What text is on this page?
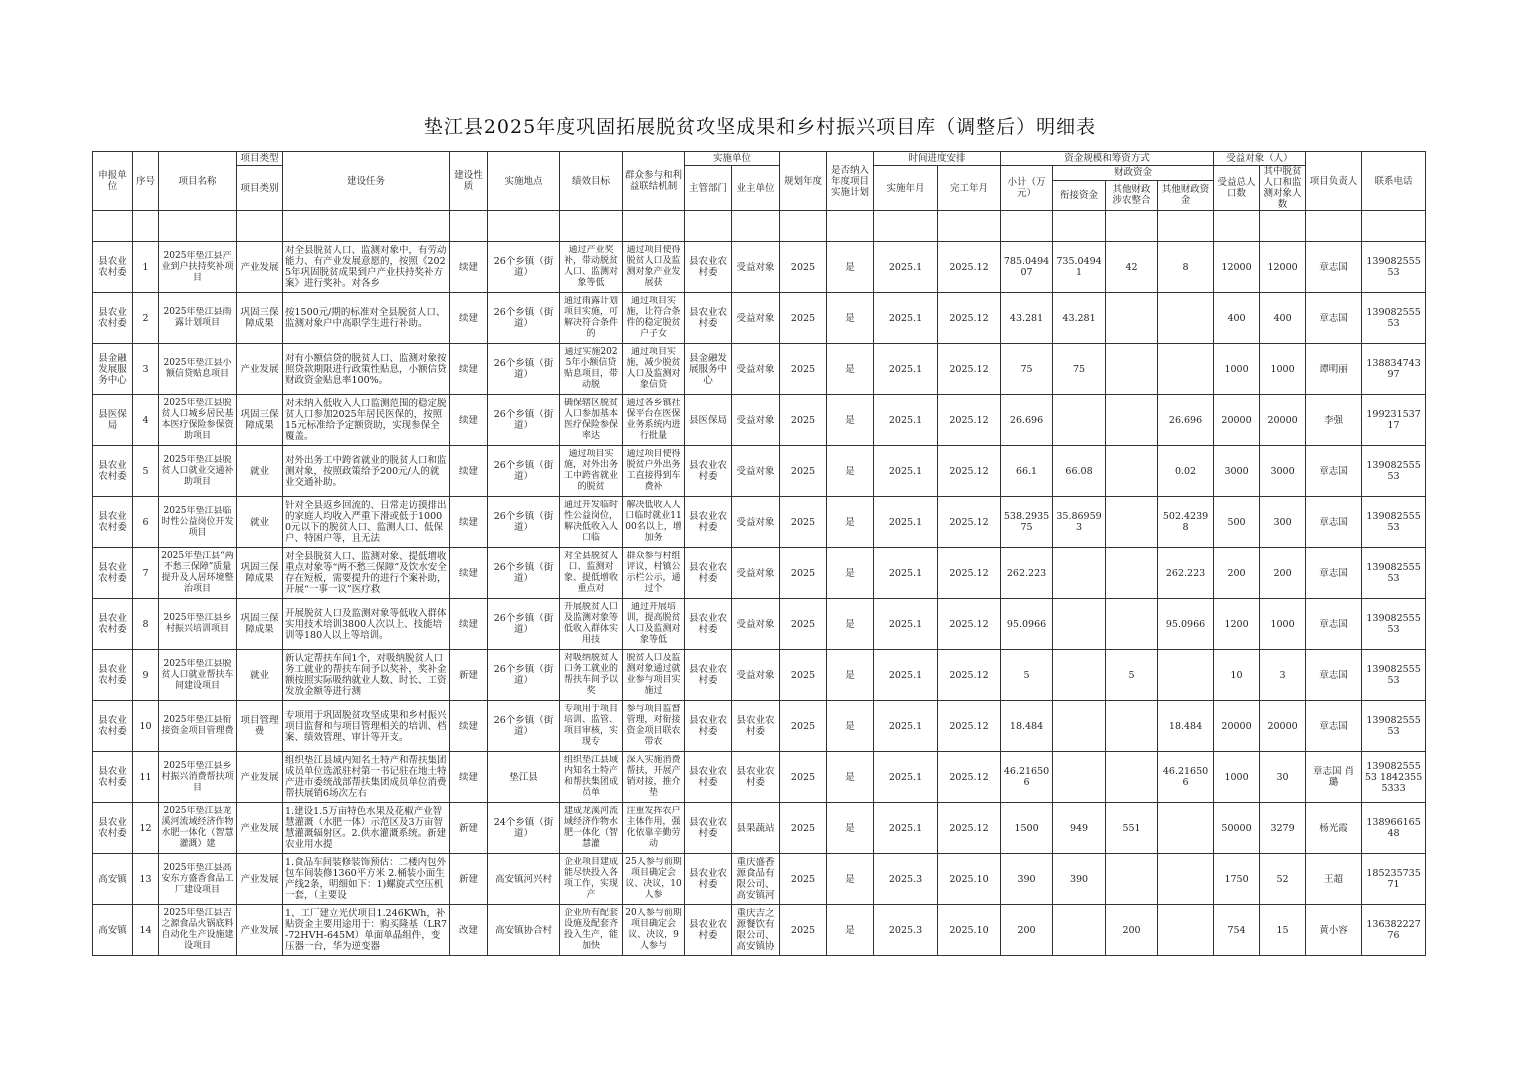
垫江县2025年度巩固拓展脱贫攻坚成果和乡村振兴项目库（调整后）明细表
申报单位	序号	项目名称	项目类型	建设任务	建设性质	实施地点	绩效目标	群众参与和利益联结机制	实施单位		规划年度	是否纳入年度项目实施计划	时间进度安排		资金规模和筹资方式				受益对象（人）		项目负责人	联系电话
			项目类别						主管部门	业主单位			实施年月	完工年月	小计（万元）	财政资金			受益总人口数	其中脱贫人口和监测对象人数		
																衔接资金	其他财政涉农整合	其他财政资金				

县农业农村委	1	2025年垫江县产业到户扶持奖补项目	产业发展	对全县脱贫人口、监测对象中，有劳动能力、有产业发展意愿的，按照《2025年巩固脱贫成果到户产业扶持奖补方案》进行奖补。对各乡	续建	26个乡镇（街道）	通过产业奖补，带动脱贫人口、监测对象等低	通过项目使得脱贫人口及监测对象产业发展获	县农业农村委	受益对象	2025	是	2025.1	2025.12	785.049407	735.04941	42	8	12000	12000	章志国	13908255553

县农业农村委	2	2025年垫江县雨露计划项目	巩固三保障成果	按1500元/期的标准对全县脱贫人口、监测对象户中高职学生进行补助。	续建	26个乡镇（街道）	通过雨露计划项目实施，可解决符合条件的	通过项目实施，让符合条件的稳定脱贫户子女	县农业农村委	受益对象	2025	是	2025.1	2025.12	43.281	43.281			400	400	章志国	13908255553

县金融发展服务中心	3	2025年垫江县小额信贷贴息项目	产业发展	对有小额信贷的脱贫人口、监测对象按照贷款期限进行政策性贴息，小额信贷财政资金贴息率100%。	续建	26个乡镇（街道）	通过实施2025年小额信贷贴息项目，带动脱	通过项目实施，减少脱贫人口及监测对象信贷	县金融发展服务中心	受益对象	2025	是	2025.1	2025.12	75	75			1000	1000	谭明丽	13883474397

县医保局	4	2025年垫江县脱贫人口城乡居民基本医疗保险参保资助项目	巩固三保障成果	对未纳入低收入人口监测范围的稳定脱贫人口参加2025年居民医保的，按照15元标准给予定额资助，实现参保全覆盖。	续建	26个乡镇（街道）	确保辖区脱贫人口参加基本医疗保险参保率达	通过各乡镇社保平台在医保业务系统内进行批量	县医保局	受益对象	2025	是	2025.1	2025.12	26.696			26.696	20000	20000	李强	19923153717

县农业农村委	5	2025年垫江县脱贫人口就业交通补助项目	就业	对外出务工中跨省就业的脱贫人口和监测对象，按照政策给予200元/人的就业交通补助。	续建	26个乡镇（街道）	通过项目实施，对外出务工中跨省就业的脱贫	通过项目使得脱贫户外出务工直接得到车费补	县农业农村委	受益对象	2025	是	2025.1	2025.12	66.1	66.08		0.02	3000	3000	章志国	13908255553

县农业农村委	6	2025年垫江县临时性公益岗位开发项目	就业	针对全县返乡回流的、日常走访摸排出的家庭人均收入严重下滑或低于10000元以下的脱贫人口、监测人口、低保户、特困户等，且无法	续建	26个乡镇（街道）	通过开发临时性公益岗位，解决低收入人口临	解决低收入人口临时就业1100名以上，增加务	县农业农村委	受益对象	2025	是	2025.1	2025.12	538.293575	35.869593		502.42398	500	300	章志国	13908255553

县农业农村委	7	2025年垫江县“两不愁三保障”质量提升及人居环境整治项目	巩固三保障成果	对全县脱贫人口、监测对象、提低增收重点对象等“两不愁三保障”及饮水安全存在短板，需要提升的进行个案补助，开展“一事一议”医疗救	续建	26个乡镇（街道）	对全县脱贫人口、监测对象、提低增收重点对	群众参与村组评议，村镇公示栏公示，通过个	县农业农村委	受益对象	2025	是	2025.1	2025.12	262.223			262.223	200	200	章志国	13908255553

县农业农村委	8	2025年垫江县乡村振兴培训项目	巩固三保障成果	开展脱贫人口及监测对象等低收入群体实用技术培训3800人次以上、技能培训等180人以上等培训。	续建	26个乡镇（街道）	开展脱贫人口及监测对象等低收入群体实用技	通过开展培训，提高脱贫人口及监测对象等低	县农业农村委	受益对象	2025	是	2025.1	2025.12	95.0966			95.0966	1200	1000	章志国	13908255553

县农业农村委	9	2025年垫江县脱贫人口就业帮扶车间建设项目	就业	新认定帮扶车间1个，对吸纳脱贫人口务工就业的帮扶车间予以奖补，奖补金额按照实际吸纳就业人数、时长、工资发放金额等进行测	新建	26个乡镇（街道）	对吸纳脱贫人口务工就业的帮扶车间予以奖	脱贫人口及监测对象通过就业参与项目实施过	县农业农村委	受益对象	2025	是	2025.1	2025.12	5		5		10	3	章志国	13908255553

县农业农村委	10	2025年垫江县衔接资金项目管理费	项目管理费	专项用于巩固脱贫攻坚成果和乡村振兴项目监督和与项目管理相关的培训、档案、绩效管理、审计等开支。	续建	26个乡镇（街道）	专项用于项目培训、监管、项目审核，实现专	参与项目监督管理，对衔接资金项目联农带农	县农业农村委	县农业农村委	2025	是	2025.1	2025.12	18.484			18.484	20000	20000	章志国	13908255553

县农业农村委	11	2025年垫江县乡村振兴消费帮扶项目	产业发展	组织垫江县域内知名土特产和帮扶集团成员单位选派驻村第一书记驻在地土特产进市委统战部帮扶集团成员单位消费帮扶展销6场次左右	续建	垫江县	组织垫江县域内知名土特产和帮扶集团成员单	深入实施消费帮扶，开展产销对接，推介垫	县农业农村委	县农业农村委	2025	是	2025.1	2025.12	46.216506			46.216506	1000	30	章志国 肖 璐	13908255553 18423555333

县农业农村委	12	2025年垫江县龙溪河流域经济作物水肥一体化（智慧灌溉）建	产业发展	1.建设1.5万亩特色水果及花椒产业智慧灌溉（水肥一体）示范区及3万亩智慧灌溉辐射区。2.供水灌溉系统。新建农业用水提	新建	24个乡镇（街道）	建成龙溪河流域经济作物水肥一体化（智慧灌	注重发挥农户主体作用，强化依靠辛勤劳动	县农业农村委	县果蔬站	2025	是	2025.1	2025.12	1500	949	551		50000	3279	杨光霞	13896616548

高安镇	13	2025年垫江县高安东方盛香食品工厂建设项目	产业发展	1.食品车间装修装饰预估：二楼内包外包车间装修1360平方米 2.桶装小面生产线2条，明细如下：1)螺旋式空压机一套，（主要设	新建	高安镇河兴村	企业项目建成能尽快投入各项工作，实现产	25人参与前期项目确定会议、决议，10人参	县农业农村委	重庆盛香源食品有限公司、高安镇河	2025	是	2025.3	2025.10	390	390			1750	52	王超	18523573571

高安镇	14	2025年垫江县吉之源食品火锅底料自动化生产设施建设项目	产业发展	1、工厂建立光伏项目1.246KWh，补贴资金主要用途用于：购买隆基（LR7-72HVH-645M）单面单晶组件，变压器一台，华为逆变器	改建	高安镇协合村	企业所有配套设施及配套齐投入生产，能加快	20人参与前期项目确定会议、决议，9人参与	县农业农村委	重庆吉之源餐饮有限公司、高安镇协	2025	是	2025.3	2025.10	200		200		754	15	黄小容	13638222776
